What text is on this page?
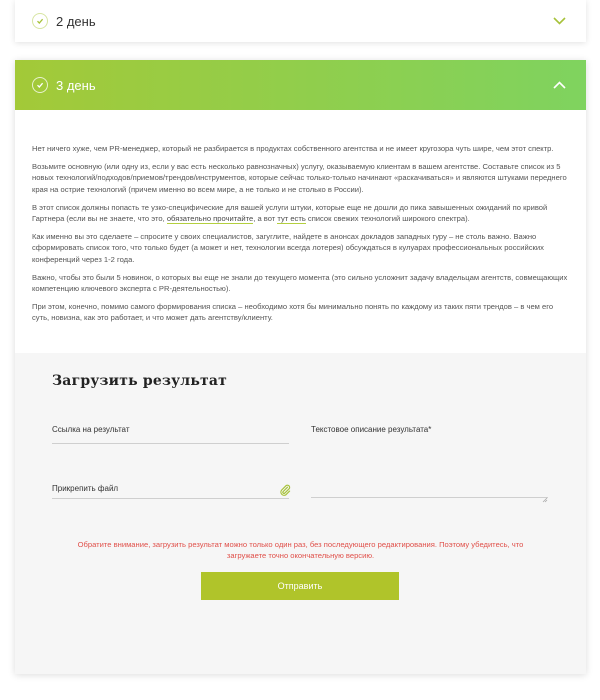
2 день
3 день

Нет ничего хуже, чем PR-менеджер, который не разбирается в продуктах собственного агентства и не имеет кругозора чуть шире, чем этот спектр.

Возьмите основную (или одну из, если у вас есть несколько равнозначных) услугу, оказываемую клиентам в вашем агентстве. Составьте список из 5 новых технологий/подходов/приемов/трендов/инструментов, которые сейчас только-только начинают «раскачиваться» и являются штуками переднего края на острие технологий (причем именно во всем мире, а не только и не столько в России).

В этот список должны попасть те узко-специфические для вашей услуги штуки, которые еще не дошли до пика завышенных ожиданий по кривой Гартнера (если вы не знаете, что это, обязательно прочитайте, а вот тут есть список свежих технологий широкого спектра).

Как именно вы это сделаете – спросите у своих специалистов, загуглите, найдете в анонсах докладов западных гуру – не столь важно. Важно сформировать список того, что только будет (а может и нет, технологии всегда лотерея) обсуждаться в кулуарах профессиональных российских конференций через 1-2 года.

Важно, чтобы это были 5 новинок, о которых вы еще не знали до текущего момента (это сильно усложнит задачу владельцам агентств, совмещающих компетенцию ключевого эксперта с PR-деятельностью).

При этом, конечно, помимо самого формирования списка – необходимо хотя бы минимально понять по каждому из таких пяти трендов – в чем его суть, новизна, как это работает, и что может дать агентству/клиенту.

Загрузить результат
Ссылка на результат
Прикрепить файл
Текстовое описание результата*
Обратите внимание, загрузить результат можно только один раз, без последующего редактирования. Поэтому убедитесь, что
загружаете точно окончательную версию.
Отправить
